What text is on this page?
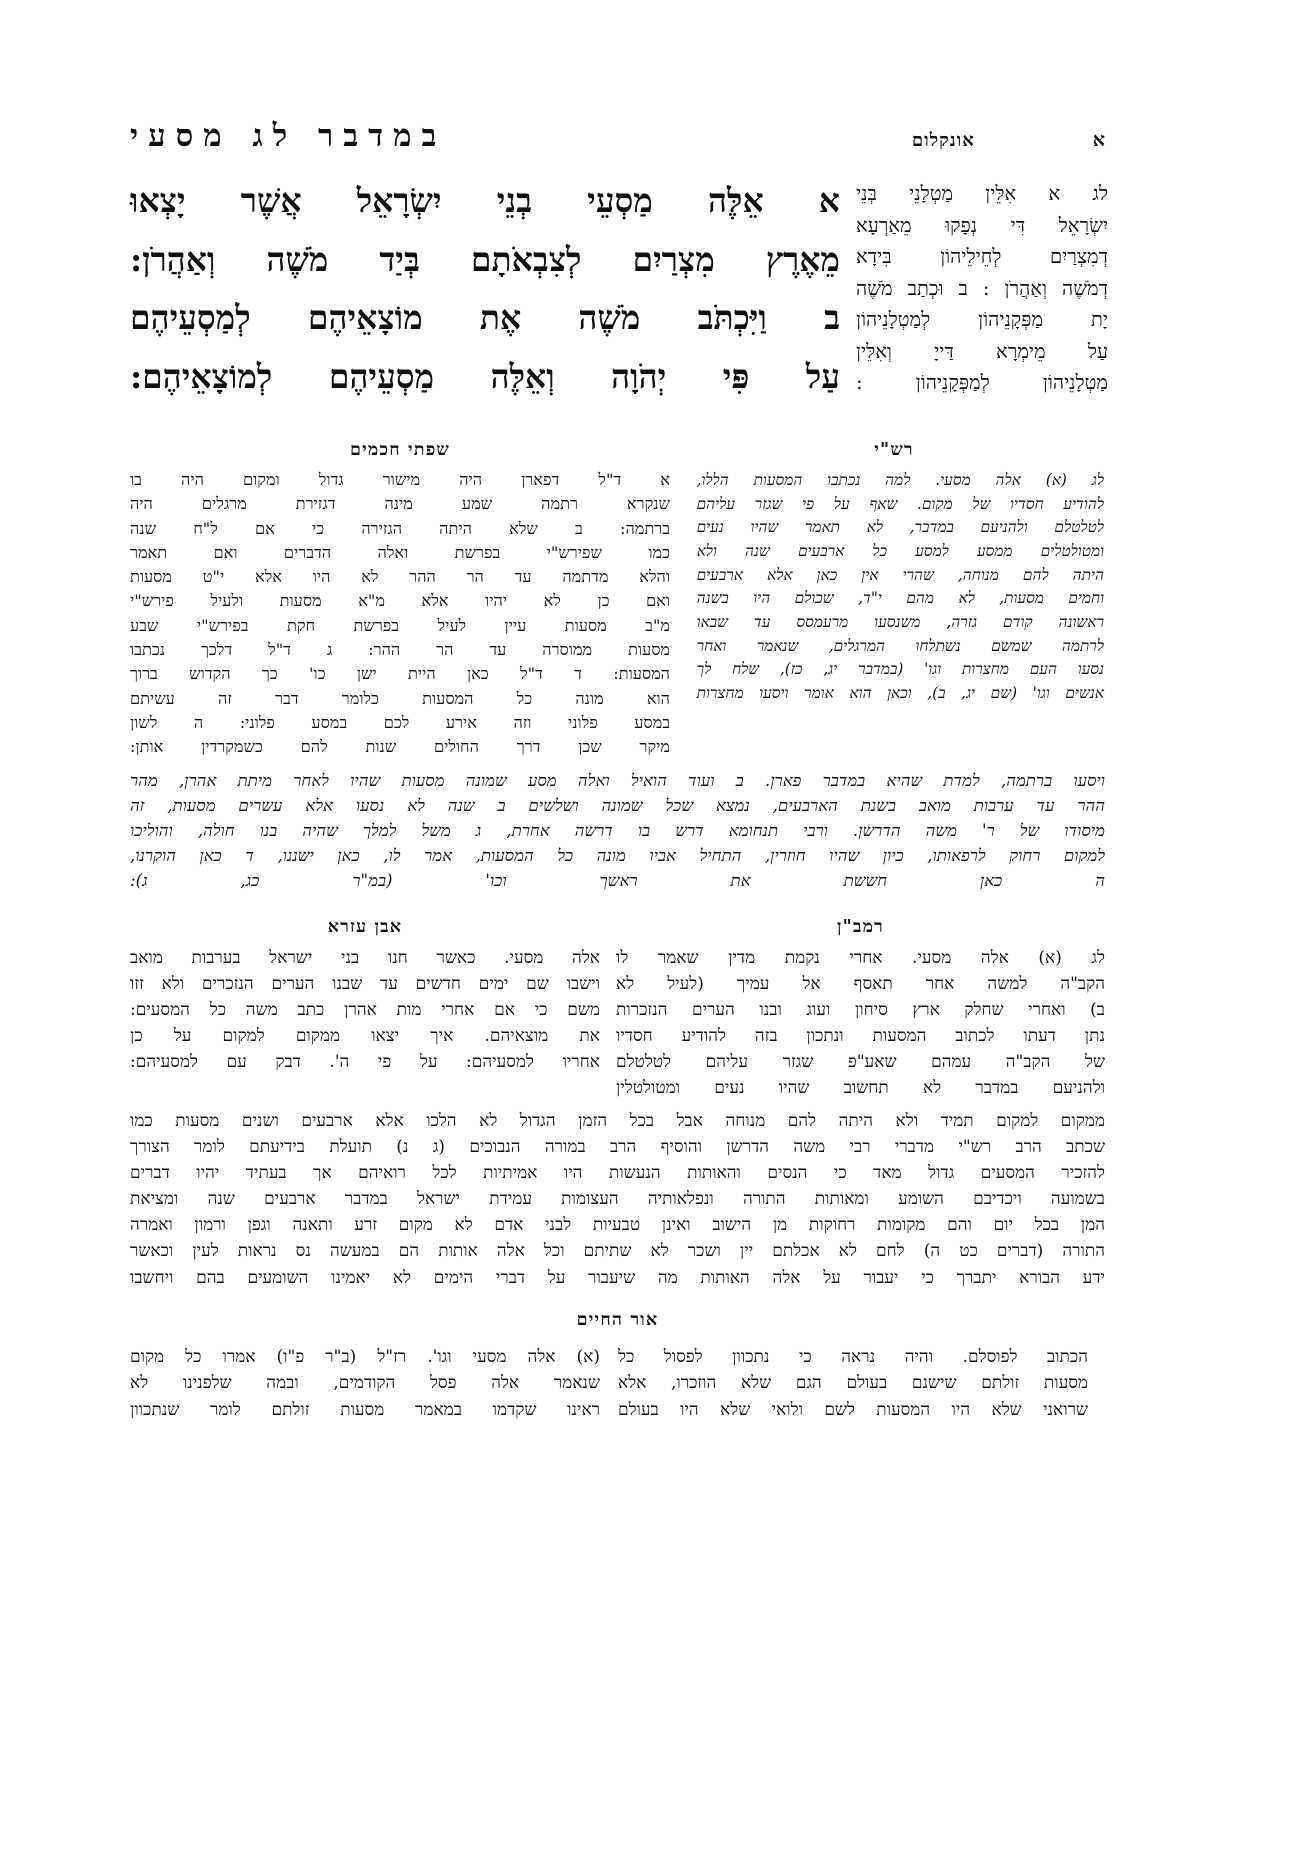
במדבר לג מסעי	אונקלום	א
א אֵלֶּה מַסְעֵי בְנֵי יִשְׂרָאֵל אֲשֶׁר יָצְאוּ
מֵאֶרֶץ מִצְרַיִם לְצִבְאֹתָם בְּיַד מֹשֶׁה וְאַהֲרֹן:
ב וַיִּכְתֹּב מֹשֶׁה אֶת מוֹצָאֵיהֶם לְמַסְעֵיהֶם
עַל פִּי יְהֹוָה וְאֵלֶּה מַסְעֵיהֶם לְמוֹצָאֵיהֶם:
לג א אִלֵּין מַטְלָנֵי בְּנֵי
יִשְׂרָאֵל דִּי נְפָקוּ מֵאַרְעָא
דְמִצְרַיִם לְחֵילֵיהוֹן בִּידָא
דְמֹשֶׁה וְאַהֲרֹן : ב וּכְתַב מֹשֶׁה
יָת מַפְּקָנֵיהוֹן לְמַטְלָנֵיהוֹן
עַל מֵימְרָא דַּייָ וְאִלֵּין
מַטְלָנֵיהוֹן לְמַפְּקָנֵיהוֹן :
שפתי חכמים
א ד"ל דפארן היה מישור גדול ומקום היה בו
שנקרא רתמה שמע מינה דגזירת מרגלים היה
ברתמה: ב שלא היתה הגזירה כי אם ל"ח שנה
כמו שפירש"י בפרשת ואלה הדברים ואם תאמר
והלא מדתמה עד הר ההר לא היו אלא י"ט מסעות
ואם כן לא יהיו אלא מ"א מסעות ולעיל פירש"י
מ"ב מסעות עיין לעיל בפרשת חקת בפירש"י שבע
מסעות ממוסרה עד הר ההר: ג ד"ל דלכך נכתבו
המסעות: ד ד"ל כאן היית ישן כו' כך הקדוש ברוך
הוא מונה כל המסעות כלומר דבר זה עשיתם
במסע פלוני וזה אירע לכם במסע פלוני: ה לשון
מיקר שכן דרך החולים שנות להם כשמקרדין אותן:
רש"י
לג (א) אלה מסעי. למה נכתבו המסעות הללו,
להודיע חסדיו של מקום. שאף על פי שגזר עליהם
לטלטלם ולהניעם במדבר, לא תאמר שהיו נעים
ומטולטלים ממסע למסע כל ארבעים שנה ולא
היתה להם מנוחה, שהרי אין כאן אלא ארבעים
וחמים מסעות, לא מהם י"ד, שכולם היו בשנה
ראשונה קודם גזרה, משנסעו מרעמסס עד שבאו
לרתמה שמשם נשתלחו המרגלים, שנאמר ואחר
נסעו העם מחצרות וגו' (במדבר יג, כז), שלח לך
אנשים וגו' (שם יג, ב), וכאן הוא אומר ויסעו מחצרות
ויסעו ברתמה, למדת שהיא במדבר פארן. ב ועוד הואיל ואלה מסע שמונה מסעות שהיו לאחר מיתת אהרן, מהר
ההר עד ערבות מואב בשנת הארבעים, נמצא שכל שמונה ושלשים ב שנה לא נסעו אלא עשרים מסעות, זה
מיסודו של ר' משה הדרשן. ורבי תנחומא דרש בו דרשה אחרת, ג משל למלך שהיה בנו חולה, והוליכו
למקום רחוק לרפאותו, כיון שהיו חוזרין, התחיל אביו מונה כל המסעות, אמר לו, כאן ישננו, ד כאן הוקרנו,
ה כאן חששת את ראשך וכו' (במ"ר כג, ג):
אבן עזרא
אלה מסעי. כאשר חנו בני ישראל בערבות מואב
וישבו שם ימים חדשים עד שבנו הערים הנזכרים ולא זזו
משם כי אם אחרי מות אהרן כתב משה כל המסעים:
את מוצאיהם. איך יצאו ממקום למקום על כן
אחריו למסעיהם: על פי ה'. דבק עם למסעיהם:
רמב"ן
לג (א) אלה מסעי. אחרי נקמת מדין שאמר לו
הקב"ה למשה אחר תאסף אל עמיך (לעיל לא
ב) ואחרי שחלק ארץ סיחון ועוג ובנו הערים הנזכרות
נתן דעתו לכתוב המסעות ונתכון בזה להודיע חסדיו
של הקב"ה עמהם שאע"פ שגזר עליהם לטלטלם
ולהניעם במדבר לא תחשוב שהיו נעים ומטולטלין
ממקום למקום תמיד ולא היתה להם מנוחה אבל בכל הזמן הגדול לא הלכו אלא ארבעים ושנים מסעות כמו
שכתב הרב רש"י מדברי רבי משה הדרשן והוסיף הרב במורה הנבוכים (ג נ) תועלת בידיעתם לומר הצורך
להזכיר המסעים גדול מאד כי הנסים והאותות הנעשות היו אמיתיות לכל רואיהם אך בעתיד יהיו דברים
בשמועה ויכדיבם השומע ומאותות התורה ונפלאותיה העצומות עמידת ישראל במדבר ארבעים שנה ומציאת
המן בכל יום והם מקומות רחוקות מן הישוב ואינן טבעיות לבני אדם לא מקום זרע ותאנה וגפן ורמון ואמרה
התורה (דברים כט ה) לחם לא אכלתם יין ושכר לא שתיתם וכל אלה אותות הם במעשה נס נראות לעין וכאשר
ידע הבורא יתברך כי יעבור על אלה האותות מה שיעבור על דברי הימים לא יאמינו השומעים בהם ויחשבו
אור החיים
(א) אלה מסעי וגו'. רז"ל (ב"ר פ"ו) אמרו כל מקום
שנאמר אלה פסל הקודמים, ובמה שלפנינו לא
ראינו שקדמו במאמר מסעות זולתם לומר שנתכוון
הכתוב לפוסלם. והיה נראה כי נתכוון לפסול כל
מסעות זולתם שישנם בעולם הגם שלא הוזכרו, אלא
שרואני שלא היו המסעות לשם ולואי שלא היו בעולם
